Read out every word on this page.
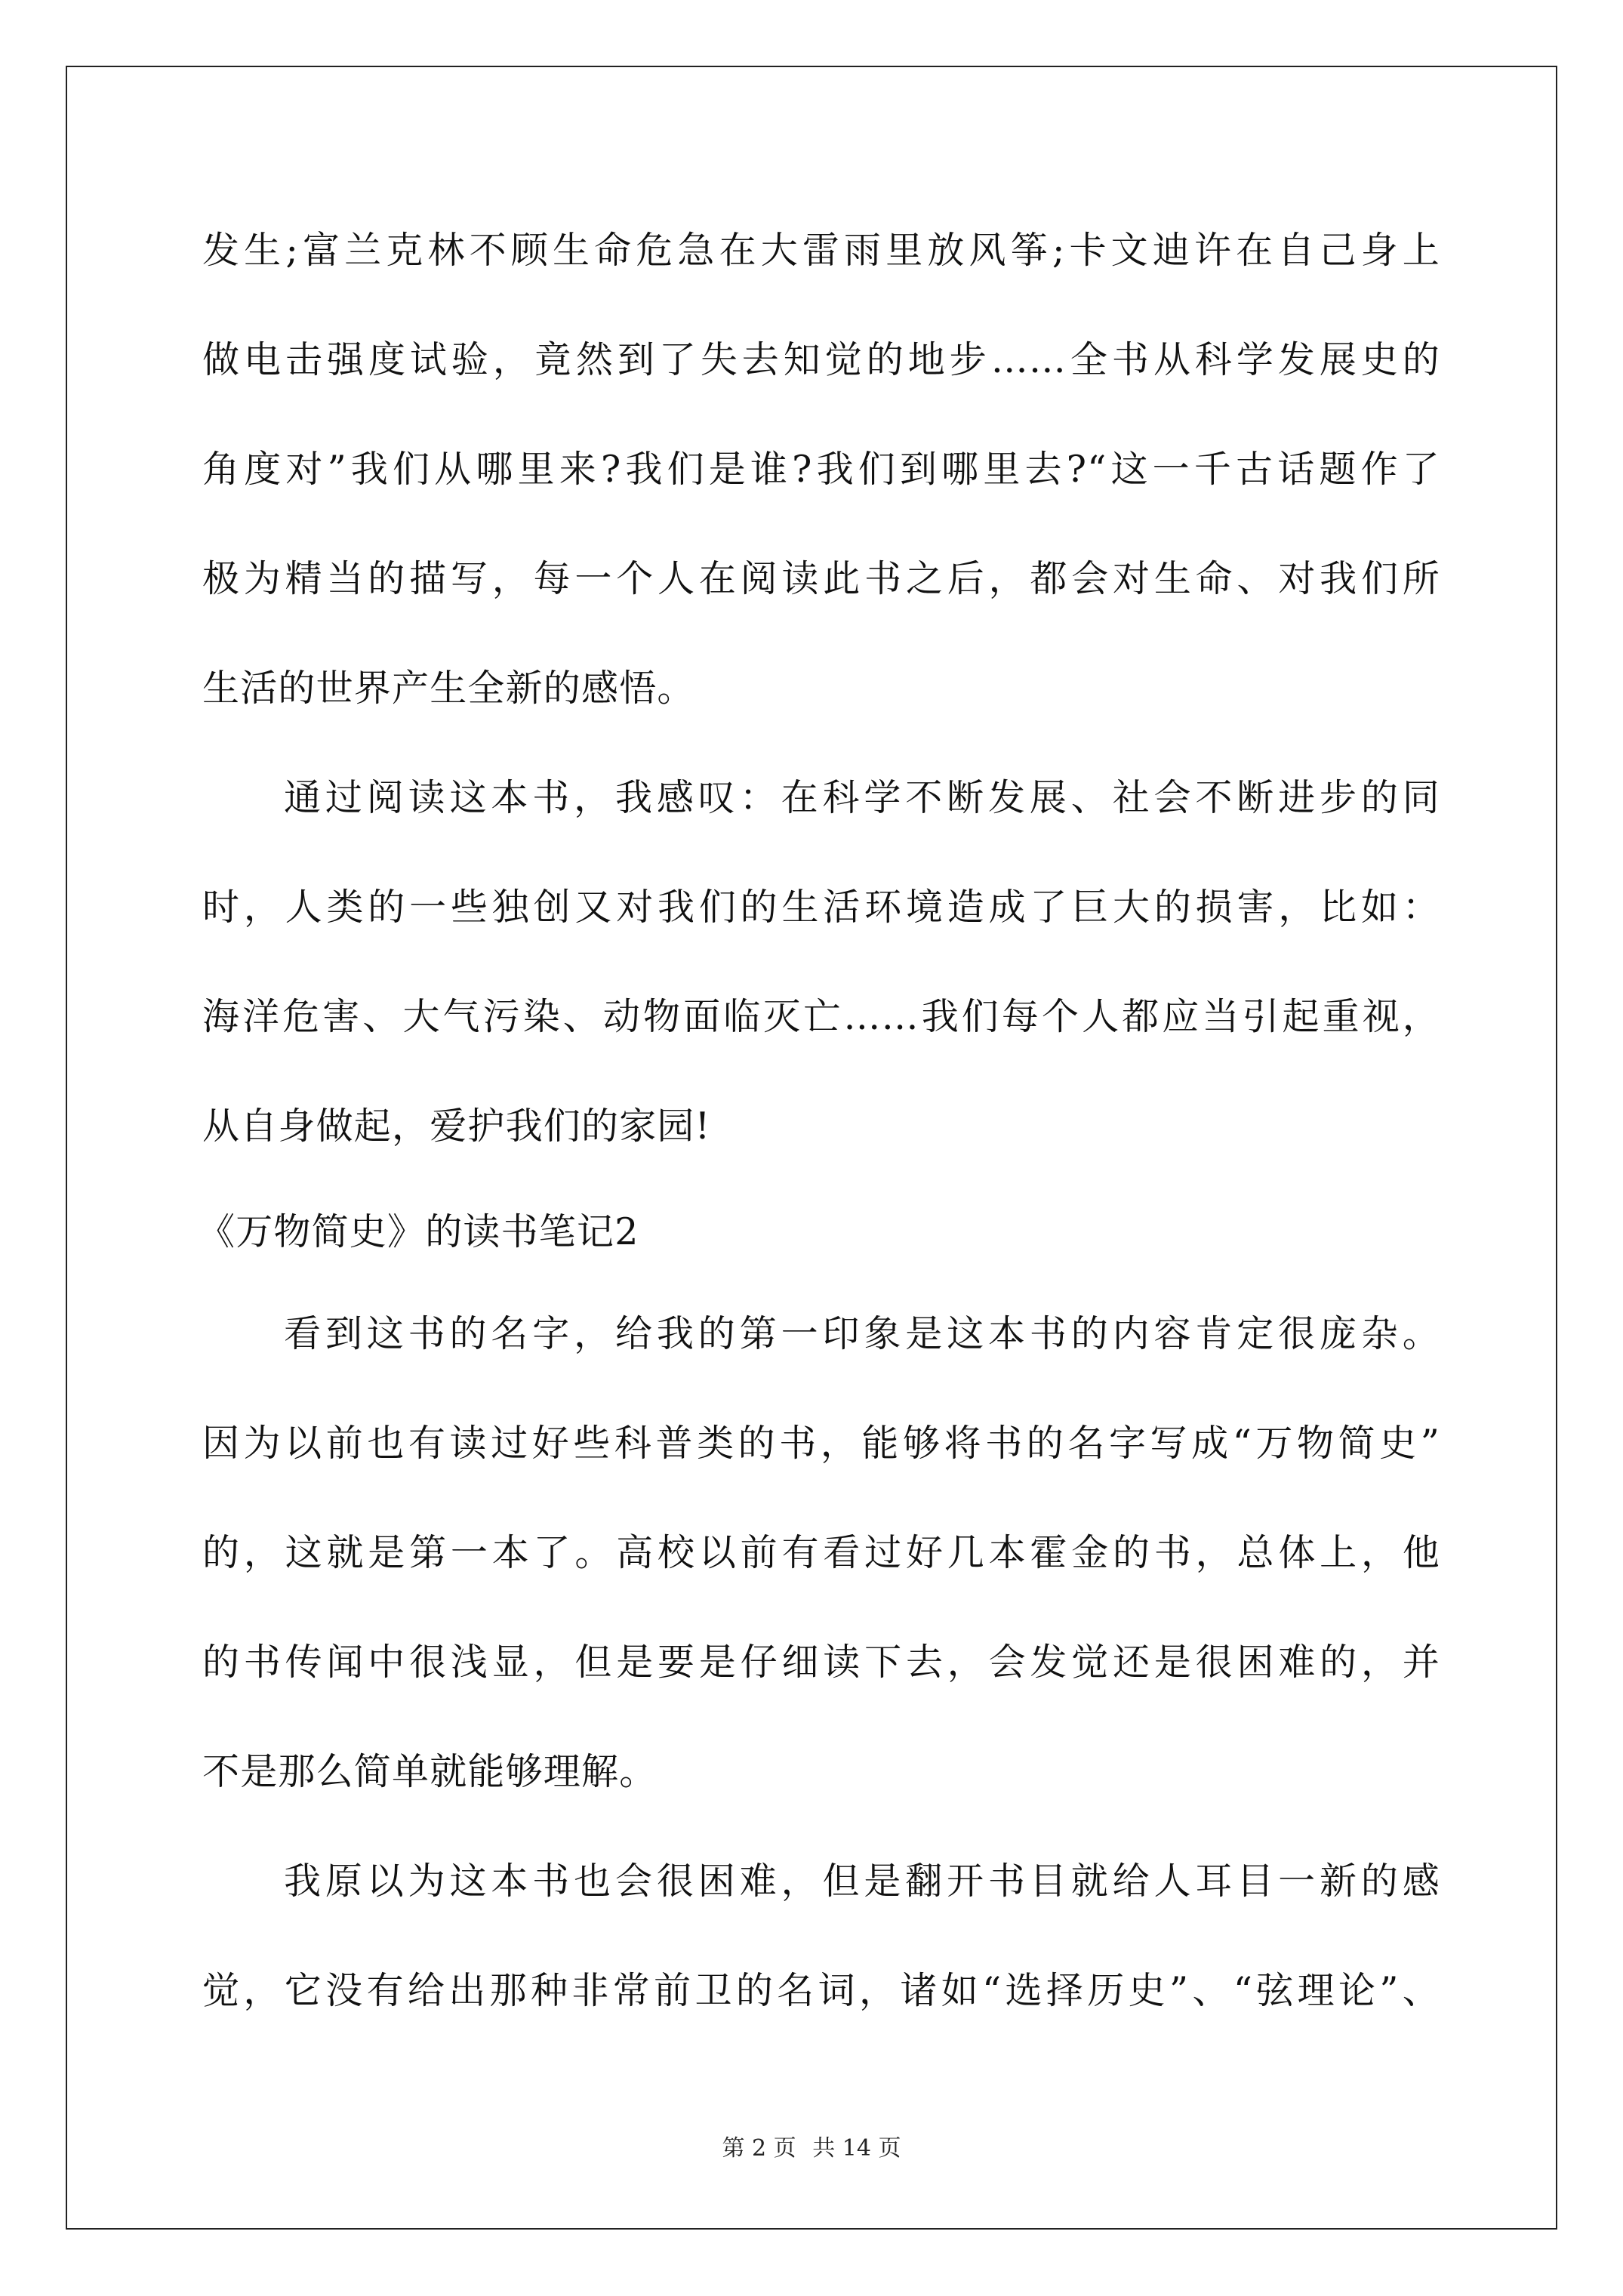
发生;富兰克林不顾生命危急在大雷雨里放风筝;卡文迪许在自己身上
做电击强度试验，竟然到了失去知觉的地步……全书从科学发展史的
角度对”我们从哪里来?我们是谁?我们到哪里去?“这一千古话题作了
极为精当的描写，每一个人在阅读此书之后，都会对生命、对我们所
生活的世界产生全新的感悟。
通过阅读这本书，我感叹：在科学不断发展、社会不断进步的同
时，人类的一些独创又对我们的生活环境造成了巨大的损害，比如：
海洋危害、大气污染、动物面临灭亡……我们每个人都应当引起重视，
从自身做起，爱护我们的家园!
《万物简史》的读书笔记2
看到这书的名字，给我的第一印象是这本书的内容肯定很庞杂。
因为以前也有读过好些科普类的书，能够将书的名字写成“万物简史”
的，这就是第一本了。高校以前有看过好几本霍金的书，总体上，他
的书传闻中很浅显，但是要是仔细读下去，会发觉还是很困难的，并
不是那么简单就能够理解。
我原以为这本书也会很困难，但是翻开书目就给人耳目一新的感
觉，它没有给出那种非常前卫的名词，诸如“选择历史”、“弦理论”、
第 2 页 共 14 页
